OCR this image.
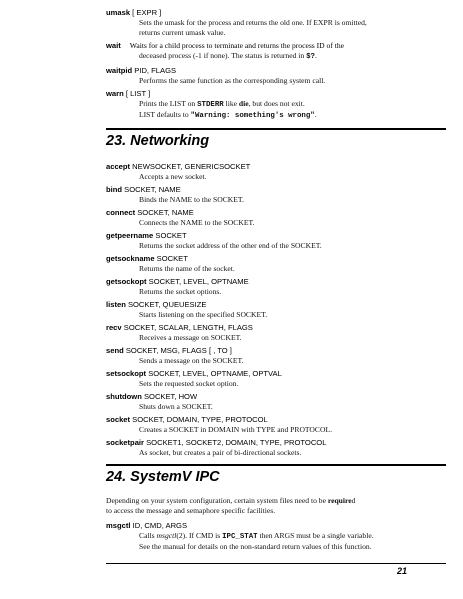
umask [ EXPR ]
Sets the umask for the process and returns the old one. If EXPR is omitted,
returns current umask value.
wait Waits for a child process to terminate and returns the process ID of the
deceased process (-1 if none). The status is returned in $?.
waitpid PID, FLAGS
Performs the same function as the corresponding system call.
warn [ LIST ]
Prints the LIST on STDERR like die, but does not exit.
LIST defaults to "Warning: something's wrong".
23. Networking
accept NEWSOCKET, GENERICSOCKET
Accepts a new socket.
bind SOCKET, NAME
Binds the NAME to the SOCKET.
connect SOCKET, NAME
Connects the NAME to the SOCKET.
getpeername SOCKET
Returns the socket address of the other end of the SOCKET.
getsockname SOCKET
Returns the name of the socket.
getsockopt SOCKET, LEVEL, OPTNAME
Returns the socket options.
listen SOCKET, QUEUESIZE
Starts listening on the specified SOCKET.
recv SOCKET, SCALAR, LENGTH, FLAGS
Receives a message on SOCKET.
send SOCKET, MSG, FLAGS [ , TO ]
Sends a message on the SOCKET.
setsockopt SOCKET, LEVEL, OPTNAME, OPTVAL
Sets the requested socket option.
shutdown SOCKET, HOW
Shuts down a SOCKET.
socket SOCKET, DOMAIN, TYPE, PROTOCOL
Creates a SOCKET in DOMAIN with TYPE and PROTOCOL.
socketpair SOCKET1, SOCKET2, DOMAIN, TYPE, PROTOCOL
As socket, but creates a pair of bi-directional sockets.
24. SystemV IPC
Depending on your system configuration, certain system files need to be required
to access the message and semaphore specific facilities.
msgctl ID, CMD, ARGS
Calls msgctl(2). If CMD is IPC_STAT then ARGS must be a single variable.
See the manual for details on the non-standard return values of this function.
21
